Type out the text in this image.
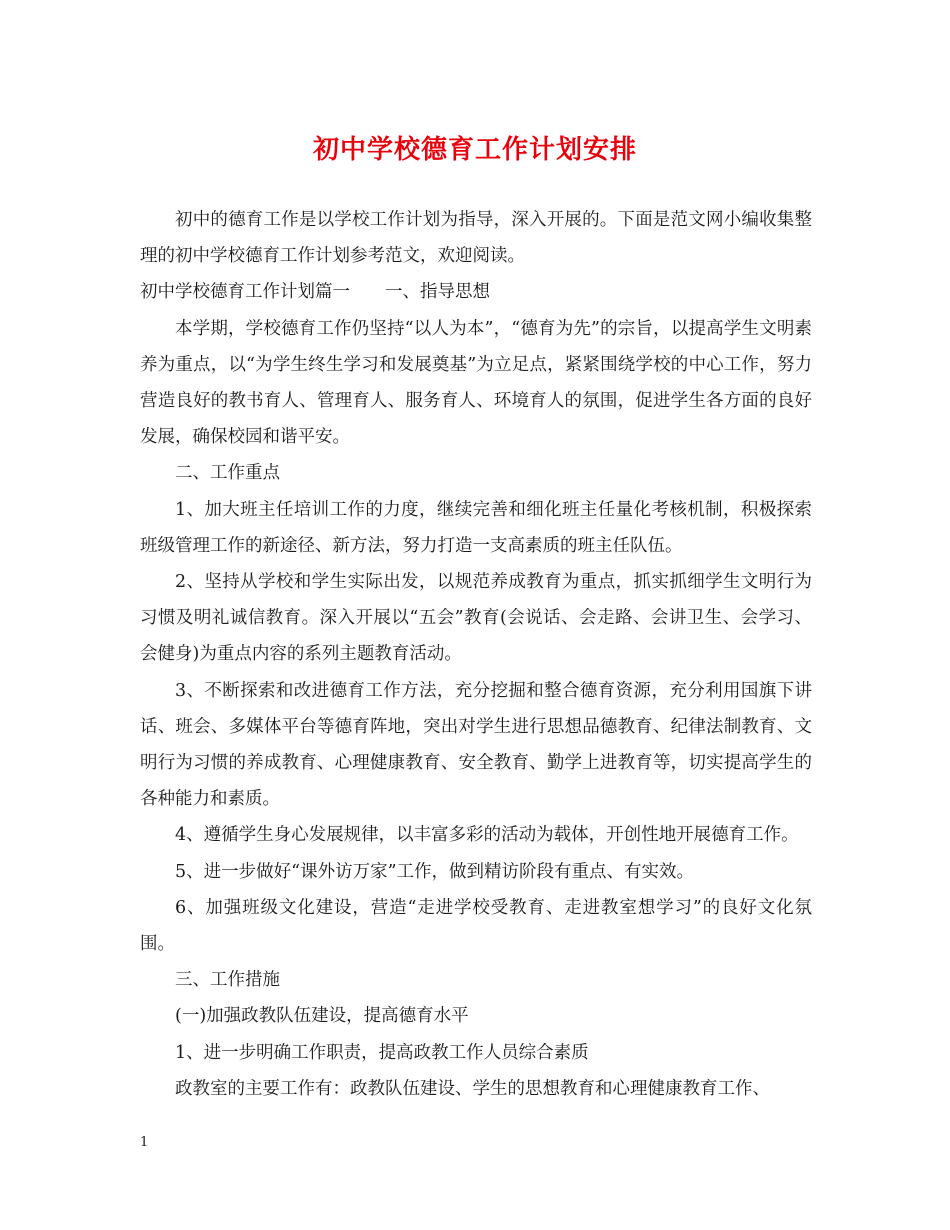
初中学校德育工作计划安排

初中的德育工作是以学校工作计划为指导，深入开展的。下面是范文网小编收集整理的初中学校德育工作计划参考范文，欢迎阅读。

初中学校德育工作计划篇一　　一、指导思想

本学期，学校德育工作仍坚持“以人为本”，“德育为先”的宗旨，以提高学生文明素养为重点，以“为学生终生学习和发展奠基”为立足点，紧紧围绕学校的中心工作，努力营造良好的教书育人、管理育人、服务育人、环境育人的氛围，促进学生各方面的良好发展，确保校园和谐平安。

二、工作重点

1、加大班主任培训工作的力度，继续完善和细化班主任量化考核机制，积极探索班级管理工作的新途径、新方法，努力打造一支高素质的班主任队伍。

2、坚持从学校和学生实际出发，以规范养成教育为重点，抓实抓细学生文明行为习惯及明礼诚信教育。深入开展以“五会”教育(会说话、会走路、会讲卫生、会学习、会健身)为重点内容的系列主题教育活动。

3、不断探索和改进德育工作方法，充分挖掘和整合德育资源，充分利用国旗下讲话、班会、多媒体平台等德育阵地，突出对学生进行思想品德教育、纪律法制教育、文明行为习惯的养成教育、心理健康教育、安全教育、勤学上进教育等，切实提高学生的各种能力和素质。

4、遵循学生身心发展规律，以丰富多彩的活动为载体，开创性地开展德育工作。

5、进一步做好“课外访万家”工作，做到精访阶段有重点、有实效。

6、加强班级文化建设，营造“走进学校受教育、走进教室想学习”的良好文化氛围。

三、工作措施

(一)加强政教队伍建设，提高德育水平

1、进一步明确工作职责，提高政教工作人员综合素质

政教室的主要工作有：政教队伍建设、学生的思想教育和心理健康教育工作、

1
